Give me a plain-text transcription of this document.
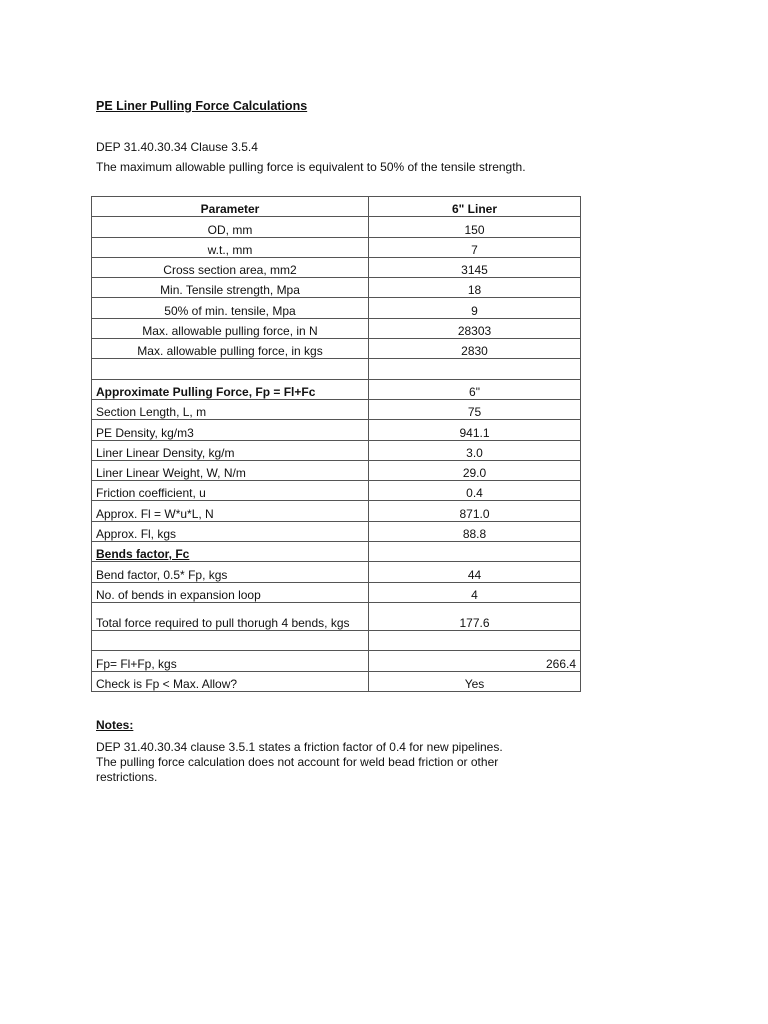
PE Liner Pulling Force Calculations
DEP 31.40.30.34 Clause 3.5.4
The maximum allowable pulling force is equivalent to 50% of the tensile strength.
Parameter	6" Liner
OD, mm	150
w.t., mm	7
Cross section area, mm2	3145
Min. Tensile strength, Mpa	18
50% of min. tensile, Mpa	9
Max. allowable pulling force, in N	28303
Max. allowable pulling force, in kgs	2830

Approximate Pulling Force, Fp = Fl+Fc	6"
Section Length, L, m	75
PE Density, kg/m3	941.1
Liner Linear Density, kg/m	3.0
Liner Linear Weight, W, N/m	29.0
Friction coefficient, u	0.4
Approx. Fl = W*u*L, N	871.0
Approx. Fl, kgs	88.8
Bends factor, Fc	
Bend factor, 0.5* Fp, kgs	44
No. of bends in expansion loop	4
Total force required to pull thorugh 4 bends, kgs	177.6

Fp= Fl+Fp, kgs	266.4
Check is Fp < Max. Allow?	Yes
Notes:
DEP 31.40.30.34 clause 3.5.1 states a friction factor of 0.4 for new pipelines.
The pulling force calculation does not account for weld bead friction or other restrictions.
